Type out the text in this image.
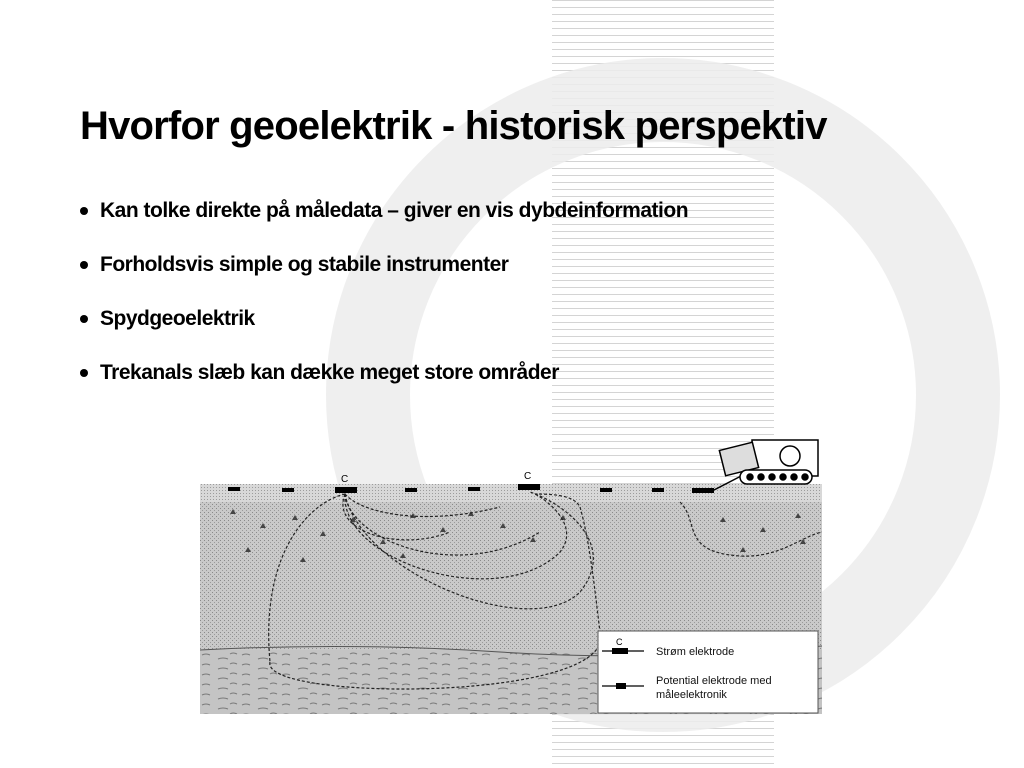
Hvorfor geoelektrik - historisk perspektiv
Kan tolke direkte på måledata – giver en vis dybdeinformation
Forholdsvis simple og stabile instrumenter
Spydgeoelektrik
Trekanals slæb kan dække meget store områder
C	C
C
Strøm elektrode
Potential elektrode med
måleelektronik
